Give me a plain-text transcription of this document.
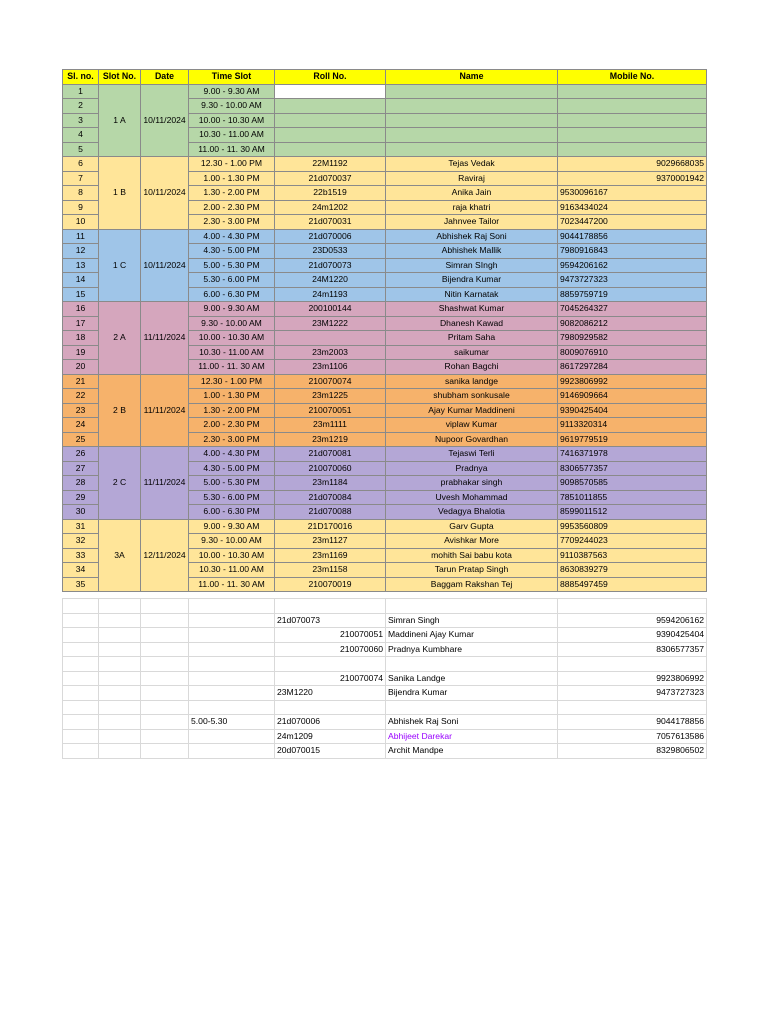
Sl. no.	Slot No.	Date	Time Slot	Roll No.	Name	Mobile No.
1	1 A	10/11/2024	9.00 - 9.30 AM			
2			9.30 - 10.00 AM			
3			10.00 - 10.30 AM			
4			10.30 - 11.00 AM			
5			11.00 - 11. 30 AM			
6	1 B	10/11/2024	12.30 - 1.00 PM	22M1192	Tejas Vedak	9029668035
7			1.00 - 1.30 PM	21d070037	Raviraj	9370001942
8			1.30 - 2.00 PM	22b1519	Anika Jain	9530096167
9			2.00 - 2.30 PM	24m1202	raja khatri	9163434024
10			2.30 - 3.00 PM	21d070031	Jahnvee Tailor	7023447200
11	1 C	10/11/2024	4.00 - 4.30 PM	21d070006	Abhishek Raj Soni	9044178856
12			4.30 - 5.00 PM	23D0533	Abhishek Mallik	7980916843
13			5.00 - 5.30 PM	21d070073	Simran SIngh	9594206162
14			5.30 - 6.00 PM	24M1220	Bijendra Kumar	9473727323
15			6.00 - 6.30 PM	24m1193	Nitin Karnatak	8859759719
16	2 A	11/11/2024	9.00 - 9.30 AM	200100144	Shashwat Kumar	7045264327
17			9.30 - 10.00 AM	23M1222	Dhanesh Kawad	9082086212
18			10.00 - 10.30 AM		Pritam Saha	7980929582
19			10.30 - 11.00 AM	23m2003	saikumar	8009076910
20			11.00 - 11. 30 AM	23m1106	Rohan Bagchi	8617297284
21	2 B	11/11/2024	12.30 - 1.00 PM	210070074	sanika landge	9923806992
22			1.00 - 1.30 PM	23m1225	shubham sonkusale	9146909664
23			1.30 - 2.00 PM	210070051	Ajay Kumar Maddineni	9390425404
24			2.00 - 2.30 PM	23m1111	viplaw Kumar	9113320314
25			2.30 - 3.00 PM	23m1219	Nupoor Govardhan	9619779519
26	2 C	11/11/2024	4.00 - 4.30 PM	21d070081	Tejaswi Terli	7416371978
27			4.30 - 5.00 PM	210070060	Pradnya	8306577357
28			5.00 - 5.30 PM	23m1184	prabhakar singh	9098570585
29			5.30 - 6.00 PM	21d070084	Uvesh Mohammad	7851011855
30			6.00 - 6.30 PM	21d070088	Vedagya Bhalotia	8599011512
31	3A	12/11/2024	9.00 - 9.30 AM	21D170016	Garv Gupta	9953560809
32			9.30 - 10.00 AM	23m1127	Avishkar More	7709244023
33			10.00 - 10.30 AM	23m1169	mohith Sai babu kota	9110387563
34			10.30 - 11.00 AM	23m1158	Tarun Pratap Singh	8630839279
35			11.00 - 11. 30 AM	210070019	Baggam Rakshan Tej	8885497459

				21d070073	Simran Singh	9594206162
				210070051	Maddineni Ajay Kumar	9390425404
				210070060	Pradnya Kumbhare	8306577357

				210070074	Sanika Landge	9923806992
				23M1220	Bijendra Kumar	9473727323

			5.00-5.30	21d070006	Abhishek Raj Soni	9044178856
				24m1209	Abhijeet Darekar	7057613586
				20d070015	Archit Mandpe	8329806502
